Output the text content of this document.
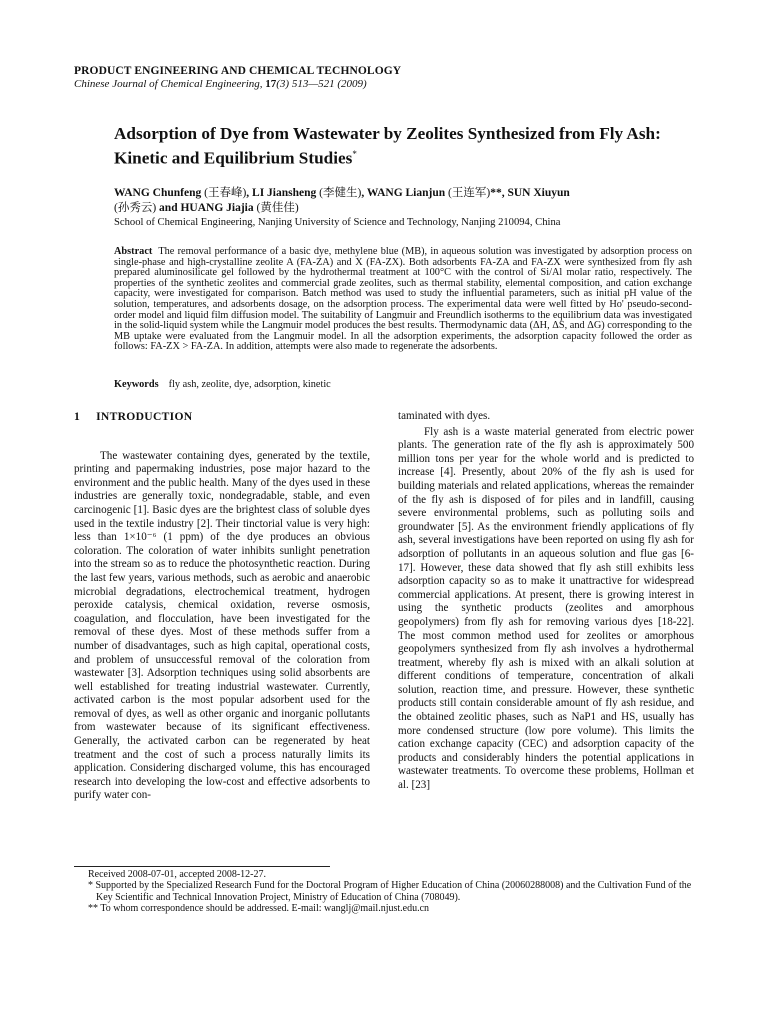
PRODUCT ENGINEERING AND CHEMICAL TECHNOLOGY
Chinese Journal of Chemical Engineering, 17(3) 513—521 (2009)
Adsorption of Dye from Wastewater by Zeolites Synthesized from Fly Ash: Kinetic and Equilibrium Studies*
WANG Chunfeng (王春峰), LI Jiansheng (李健生), WANG Lianjun (王连军)**, SUN Xiuyun
(孙秀云) and HUANG Jiajia (黄佳佳)
School of Chemical Engineering, Nanjing University of Science and Technology, Nanjing 210094, China
Abstract The removal performance of a basic dye, methylene blue (MB), in aqueous solution was investigated by adsorption process on single-phase and high-crystalline zeolite A (FA-ZA) and X (FA-ZX). Both adsorbents FA-ZA and FA-ZX were synthesized from fly ash prepared aluminosilicate gel followed by the hydrothermal treatment at 100°C with the control of Si/Al molar ratio, respectively. The properties of the synthetic zeolites and commercial grade zeolites, such as thermal stability, elemental composition, and cation exchange capacity, were investigated for comparison. Batch method was used to study the influential parameters, such as initial pH value of the solution, temperatures, and adsorbents dosage, on the adsorption process. The experimental data were well fitted by Ho' pseudo-second-order model and liquid film diffusion model. The suitability of Langmuir and Freundlich isotherms to the equilibrium data was investigated in the solid-liquid system while the Langmuir model produces the best results. Thermodynamic data (ΔH, ΔS, and ΔG) corresponding to the MB uptake were evaluated from the Langmuir model. In all the adsorption experiments, the adsorption capacity followed the order as follows: FA-ZX > FA-ZA. In addition, attempts were also made to regenerate the adsorbents.
Keywords fly ash, zeolite, dye, adsorption, kinetic
1 INTRODUCTION

The wastewater containing dyes, generated by the textile, printing and papermaking industries, pose major hazard to the environment and the public health. Many of the dyes used in these industries are generally toxic, nondegradable, stable, and even carcinogenic [1]. Basic dyes are the brightest class of soluble dyes used in the textile industry [2]. Their tinctorial value is very high: less than 1×10⁻⁶ (1 ppm) of the dye produces an obvious coloration. The coloration of water inhibits sunlight penetration into the stream so as to reduce the photosynthetic reaction. During the last few years, various methods, such as aerobic and anaerobic microbial degradations, electrochemical treatment, hydrogen peroxide catalysis, chemical oxidation, reverse osmosis, coagulation, and flocculation, have been investigated for the removal of these dyes. Most of these methods suffer from a number of disadvantages, such as high capital, operational costs, and problem of unsuccessful removal of the coloration from wastewater [3]. Adsorption techniques using solid absorbents are well established for treating industrial wastewater. Currently, activated carbon is the most popular adsorbent used for the removal of dyes, as well as other organic and inorganic pollutants from wastewater because of its significant effectiveness. Generally, the activated carbon can be regenerated by heat treatment and the cost of such a process naturally limits its application. Considering discharged volume, this has encouraged research into developing the low-cost and effective adsorbents to purify water con-

taminated with dyes.

Fly ash is a waste material generated from electric power plants. The generation rate of the fly ash is approximately 500 million tons per year for the whole world and is predicted to increase [4]. Presently, about 20% of the fly ash is used for building materials and related applications, whereas the remainder of the fly ash is disposed of for piles and in landfill, causing severe environmental problems, such as polluting soils and groundwater [5]. As the environment friendly applications of fly ash, several investigations have been reported on using fly ash for adsorption of pollutants in an aqueous solution and flue gas [6-17]. However, these data showed that fly ash still exhibits less adsorption capacity so as to make it unattractive for widespread commercial applications. At present, there is growing interest in using the synthetic products (zeolites and amorphous geopolymers) from fly ash for removing various dyes [18-22]. The most common method used for zeolites or amorphous geopolymers synthesized from fly ash involves a hydrothermal treatment, whereby fly ash is mixed with an alkali solution at different conditions of temperature, concentration of alkali solution, reaction time, and pressure. However, these synthetic products still contain considerable amount of fly ash residue, and the obtained zeolitic phases, such as NaP1 and HS, usually has more condensed structure (low pore volume). This limits the cation exchange capacity (CEC) and adsorption capacity of the products and considerably hinders the potential applications in wastewater treatments. To overcome these problems, Hollman et al. [23]

Received 2008-07-01, accepted 2008-12-27.
* Supported by the Specialized Research Fund for the Doctoral Program of Higher Education of China (20060288008) and the Cultivation Fund of the Key Scientific and Technical Innovation Project, Ministry of Education of China (708049).
** To whom correspondence should be addressed. E-mail: wanglj@mail.njust.edu.cn
